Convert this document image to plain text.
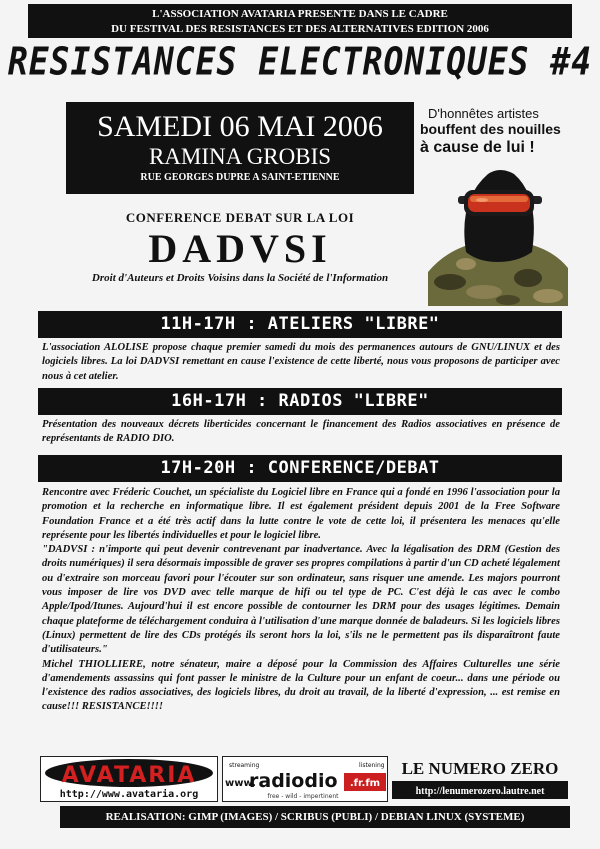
L'ASSOCIATION AVATARIA PRESENTE DANS LE CADRE
DU FESTIVAL DES RESISTANCES ET DES ALTERNATIVES EDITION 2006
RESISTANCES ELECTRONIQUES #4
SAMEDI 06 MAI 2006
RAMINA GROBIS
RUE GEORGES DUPRE A SAINT-ETIENNE
D'honnêtes artistes
bouffent des nouilles
à cause de lui !
CONFERENCE DEBAT SUR LA LOI
DADVSI
Droit d'Auteurs et Droits Voisins dans la Société de l'Information
11H-17H : ATELIERS "LIBRE"
L'association ALOLISE propose chaque premier samedi du mois des permanences autours de GNU/LINUX et des logiciels libres. La loi DADVSI remettant en cause l'existence de cette liberté, nous vous proposons de participer avec nous à cet atelier.
16H-17H : RADIOS "LIBRE"
Présentation des nouveaux décrets liberticides concernant le financement des Radios associatives en présence de représentants de RADIO DIO.
17H-20H : CONFERENCE/DEBAT
Rencontre avec Fréderic Couchet, un spécialiste du Logiciel libre en France qui a fondé en 1996 l'association pour la promotion et la recherche en informatique libre. Il est également président depuis 2001 de la Free Software Foundation France et a été très actif dans la lutte contre le vote de cette loi, il présentera les menaces qu'elle représente pour les libertés individuelles et pour le logiciel libre.
"DADVSI : n'importe qui peut devenir contrevenant par inadvertance. Avec la légalisation des DRM (Gestion des droits numériques) il sera désormais impossible de graver ses propres compilations à partir d'un CD acheté légalement ou d'extraire son morceau favori pour l'écouter sur son ordinateur, sans risquer une amende. Les majors pourront vous imposer de lire vos DVD avec telle marque de hifi ou tel type de PC. C'est déjà le cas avec le combo Apple/Ipod/Itunes. Aujourd'hui il est encore possible de contourner les DRM pour des usages légitimes. Demain chaque plateforme de téléchargement conduira à l'utilisation d'une marque donnée de baladeurs. Si les logiciels libres (Linux) permettent de lire des CDs protégés ils seront hors la loi, s'ils ne le permettent pas ils disparaîtront faute d'utilisateurs."
Michel THIOLLIERE, notre sénateur, maire a déposé pour la Commission des Affaires Culturelles une série d'amendements assassins qui font passer le ministre de la Culture pour un enfant de coeur... dans une période ou l'existence des radios associatives, des logiciels libres, du droit au travail, de la liberté d'expression, ... est remise en cause!!! RESISTANCE!!!!
AVATARIA
http://www.avataria.org
streaming	listening
www.
radiodio .fr.fm
free - wild - impertinent
LE NUMERO ZERO
http://lenumerozero.lautre.net
REALISATION: GIMP (IMAGES) / SCRIBUS (PUBLI) / DEBIAN LINUX (SYSTEME)
